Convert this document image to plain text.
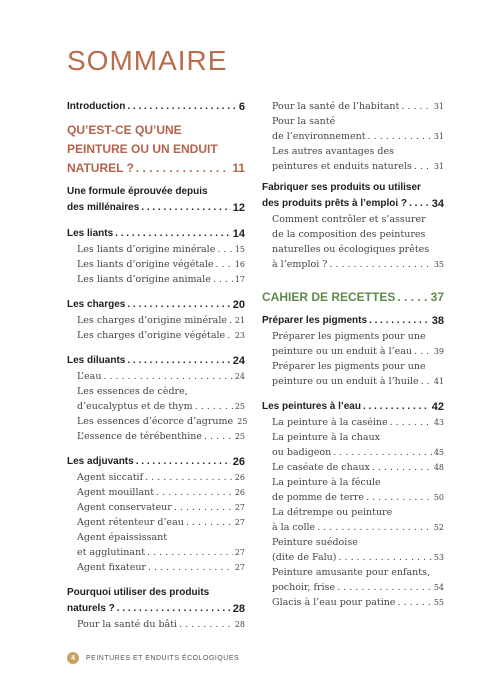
SOMMAIRE
Introduction . . .	6
QU’EST-CE QU’UNE
PEINTURE OU UN ENDUIT
NATUREL ? . . .	11
Une formule éprouvée depuis
des millénaires . . .	12
Les liants . . .	14
Les liants d’origine minérale . . . 15
Les liants d’origine végétale . . .	16
Les liants d’origine animale . . .	17
Les charges . . .	20
Les charges d’origine minérale . . . 21
Les charges d’origine végétale . . . 23
Les diluants . . .	24
L’eau . . .	24
Les essences de cèdre,
d’eucalyptus et de thym . . .	25
Les essences d’écorce d’agrume 25
L’essence de térébenthine . . .	25
Les adjuvants . . .	26
Agent siccatif . . .	26
Agent mouillant . . .	26
Agent conservateur . . .	27
Agent rétenteur d’eau . . .	27
Agent épaississant
et agglutinant . . .	27
Agent fixateur . . .	27
Pourquoi utiliser des produits
naturels ? . . .	28
Pour la santé du bâti . . .	28
Pour la santé de l’habitant . . .	31
Pour la santé
de l’environnement . . .	31
Les autres avantages des
peintures et enduits naturels . . .	31
Fabriquer ses produits ou utiliser
des produits prêts à l’emploi ? . . . 34
Comment contrôler et s’assurer
de la composition des peintures
naturelles ou écologiques prêtes
à l’emploi ? . . .	35
CAHIER DE RECETTES . . .	37
Préparer les pigments . . .	38
Préparer les pigments pour une
peinture ou un enduit à l’eau . . .	39
Préparer les pigments pour une
peinture ou un enduit à l’huile . . . 41
Les peintures à l’eau . . .	42
La peinture à la caséine . . .	43
La peinture à la chaux
ou badigeon . . .	45
Le caséate de chaux . . .	48
La peinture à la fécule
de pomme de terre . . .	50
La détrempe ou peinture
à la colle . . .	52
Peinture suédoise
(dite de Falu) . . .	53
Peinture amusante pour enfants,
pochoir, frise . . .	54
Glacis à l’eau pour patine . . .	55
4	PEINTURES ET ENDUITS ÉCOLOGIQUES
